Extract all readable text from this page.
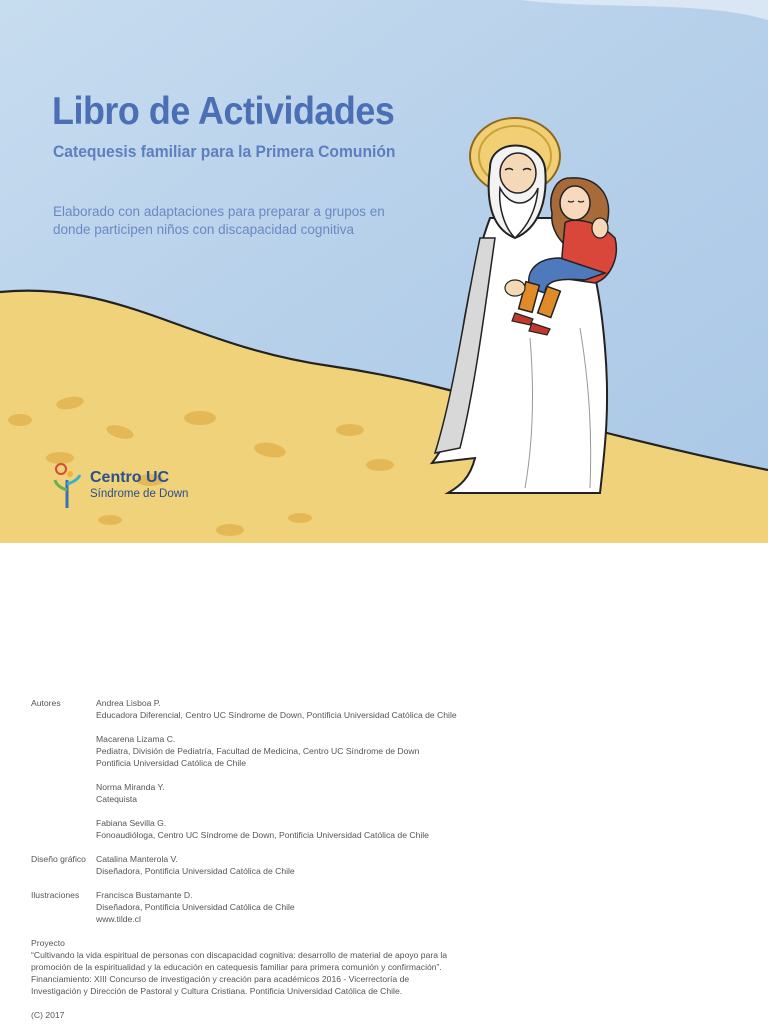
Libro de Actividades
Catequesis familiar para la Primera Comunión

Elaborado con adaptaciones para preparar a grupos en donde participen niños con discapacidad cognitiva

Centro UC
Síndrome de Down
Autores	Andrea Lisboa P.
Educadora Diferencial, Centro UC Síndrome de Down, Pontificia Universidad Católica de Chile
Macarena Lizama C.
Pediatra, División de Pediatría, Facultad de Medicina, Centro UC Síndrome de Down
Pontificia Universidad Católica de Chile
Norma Miranda Y.
Catequista
Fabiana Sevilla G.
Fonoaudióloga, Centro UC Síndrome de Down, Pontificia Universidad Católica de Chile
Diseño gráfico	Catalina Manterola V.
Diseñadora, Pontificia Universidad Católica de Chile
Ilustraciones	Francisca Bustamante D.
Diseñadora, Pontificia Universidad Católica de Chile
www.tilde.cl
Proyecto
“Cultivando la vida espiritual de personas con discapacidad cognitiva: desarrollo de material de apoyo para la
promoción de la espiritualidad y la educación en catequesis familiar para primera comunión y confirmación”.
Financiamiento: XIII Concurso de investigación y creación para académicos 2016 - Vicerrectoría de
Investigación y Dirección de Pastoral y Cultura Cristiana. Pontificia Universidad Católica de Chile.
(C) 2017
